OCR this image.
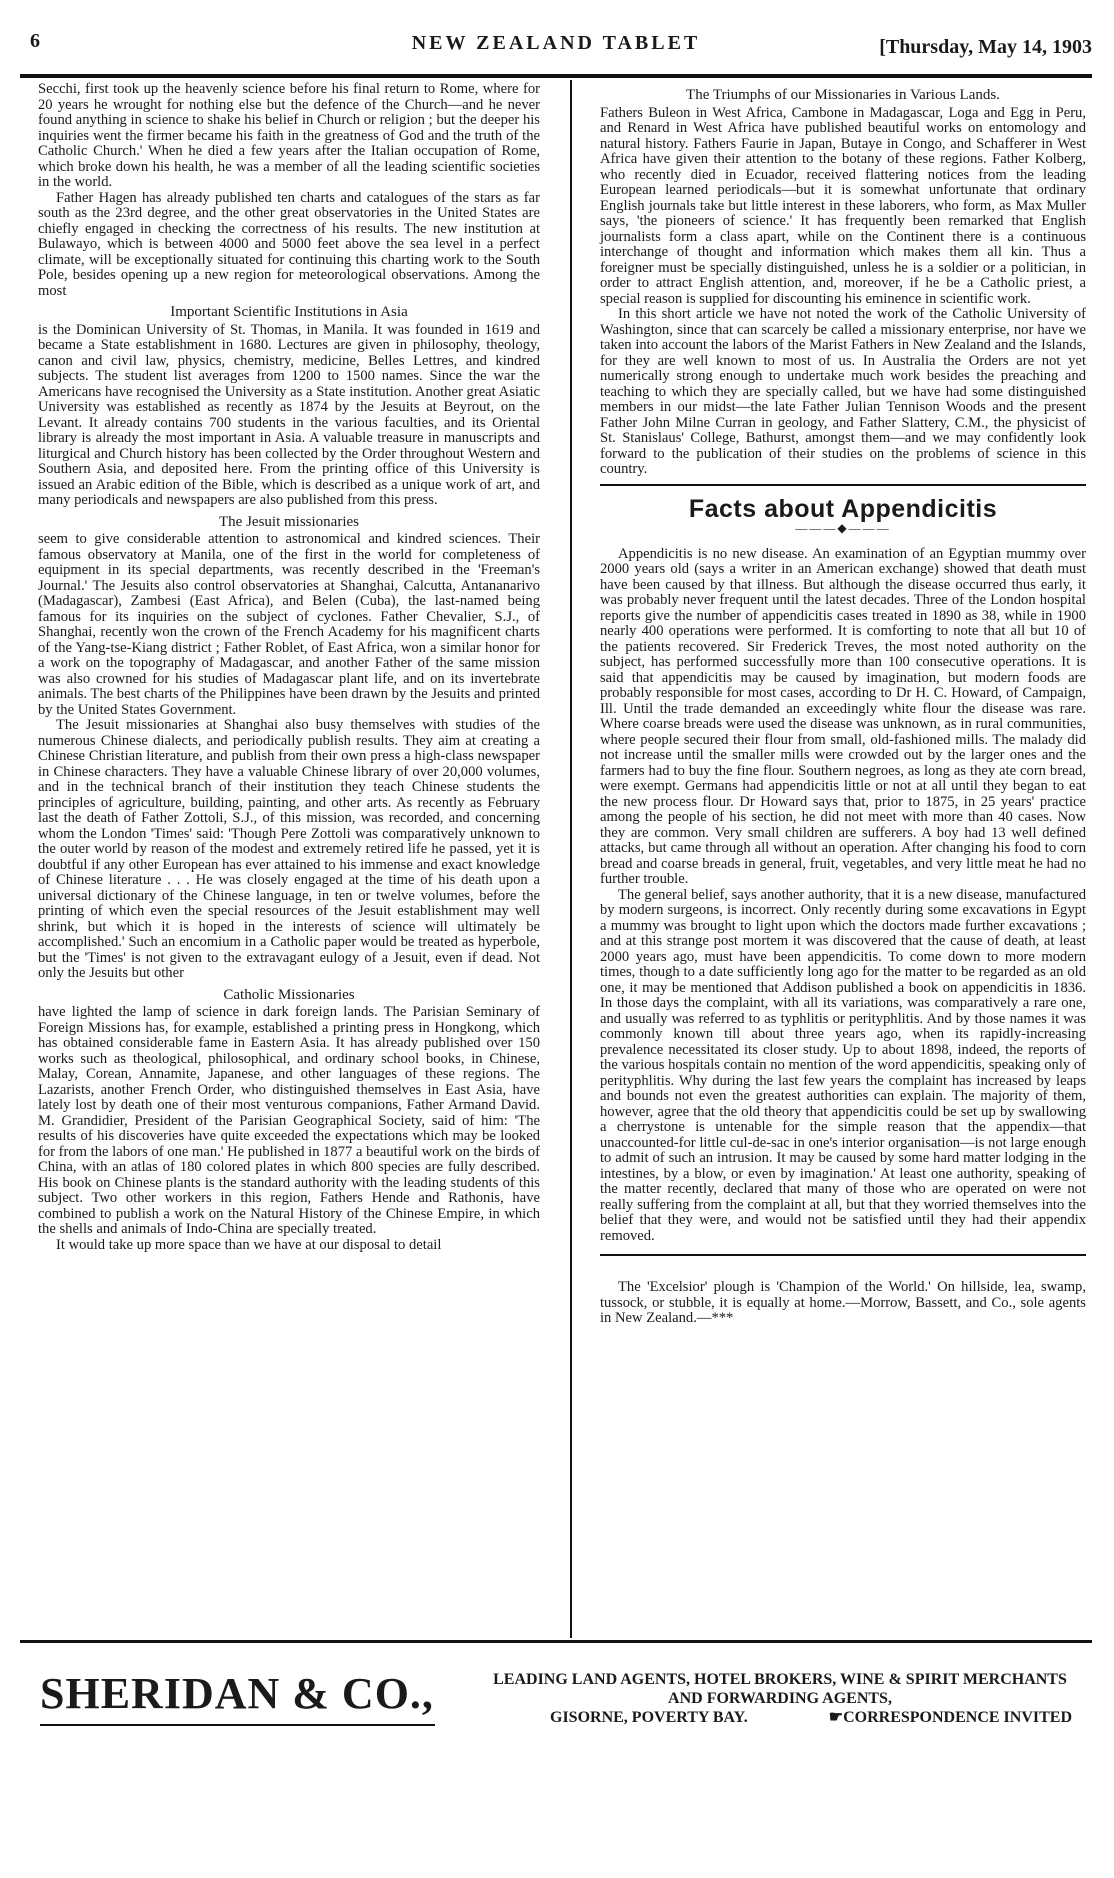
6	NEW ZEALAND TABLET	[Thursday, May 14, 1903

Secchi, first took up the heavenly science before his final return to Rome, where for 20 years he wrought for nothing else but the defence of the Church—and he never found anything in science to shake his belief in Church or religion ; but the deeper his inquiries went the firmer became his faith in the greatness of God and the truth of the Catholic Church.' When he died a few years after the Italian occupation of Rome, which broke down his health, he was a member of all the leading scientific societies in the world.

Father Hagen has already published ten charts and catalogues of the stars as far south as the 23rd degree, and the other great observatories in the United States are chiefly engaged in checking the correctness of his results. The new institution at Bulawayo, which is between 4000 and 5000 feet above the sea level in a perfect climate, will be exceptionally situated for continuing this charting work to the South Pole, besides opening up a new region for meteorological observations. Among the most

Important Scientific Institutions in Asia

is the Dominican University of St. Thomas, in Manila. It was founded in 1619 and became a State establishment in 1680. Lectures are given in philosophy, theology, canon and civil law, physics, chemistry, medicine, Belles Lettres, and kindred subjects. The student list averages from 1200 to 1500 names. Since the war the Americans have recognised the University as a State institution. Another great Asiatic University was established as recently as 1874 by the Jesuits at Beyrout, on the Levant. It already contains 700 students in the various faculties, and its Oriental library is already the most important in Asia. A valuable treasure in manuscripts and liturgical and Church history has been collected by the Order throughout Western and Southern Asia, and deposited here. From the printing office of this University is issued an Arabic edition of the Bible, which is described as a unique work of art, and many periodicals and newspapers are also published from this press.

The Jesuit missionaries

seem to give considerable attention to astronomical and kindred sciences. Their famous observatory at Manila, one of the first in the world for completeness of equipment in its special departments, was recently described in the 'Freeman's Journal.' The Jesuits also control observatories at Shanghai, Calcutta, Antananarivo (Madagascar), Zambesi (East Africa), and Belen (Cuba), the last-named being famous for its inquiries on the subject of cyclones. Father Chevalier, S.J., of Shanghai, recently won the crown of the French Academy for his magnificent charts of the Yang-tse-Kiang district ; Father Roblet, of East Africa, won a similar honor for a work on the topography of Madagascar, and another Father of the same mission was also crowned for his studies of Madagascar plant life, and on its invertebrate animals. The best charts of the Philippines have been drawn by the Jesuits and printed by the United States Government.

The Jesuit missionaries at Shanghai also busy themselves with studies of the numerous Chinese dialects, and periodically publish results. They aim at creating a Chinese Christian literature, and publish from their own press a high-class newspaper in Chinese characters. They have a valuable Chinese library of over 20,000 volumes, and in the technical branch of their institution they teach Chinese students the principles of agriculture, building, painting, and other arts. As recently as February last the death of Father Zottoli, S.J., of this mission, was recorded, and concerning whom the London 'Times' said: 'Though Pere Zottoli was comparatively unknown to the outer world by reason of the modest and extremely retired life he passed, yet it is doubtful if any other European has ever attained to his immense and exact knowledge of Chinese literature . . . He was closely engaged at the time of his death upon a universal dictionary of the Chinese language, in ten or twelve volumes, before the printing of which even the special resources of the Jesuit establishment may well shrink, but which it is hoped in the interests of science will ultimately be accomplished.' Such an encomium in a Catholic paper would be treated as hyperbole, but the 'Times' is not given to the extravagant eulogy of a Jesuit, even if dead. Not only the Jesuits but other

Catholic Missionaries

have lighted the lamp of science in dark foreign lands. The Parisian Seminary of Foreign Missions has, for example, established a printing press in Hongkong, which has obtained considerable fame in Eastern Asia. It has already published over 150 works such as theological, philosophical, and ordinary school books, in Chinese, Malay, Corean, Annamite, Japanese, and other languages of these regions. The Lazarists, another French Order, who distinguished themselves in East Asia, have lately lost by death one of their most venturous companions, Father Armand David. M. Grandidier, President of the Parisian Geographical Society, said of him: 'The results of his discoveries have quite exceeded the expectations which may be looked for from the labors of one man.' He published in 1877 a beautiful work on the birds of China, with an atlas of 180 colored plates in which 800 species are fully described. His book on Chinese plants is the standard authority with the leading students of this subject. Two other workers in this region, Fathers Hende and Rathonis, have combined to publish a work on the Natural History of the Chinese Empire, in which the shells and animals of Indo-China are specially treated.

It would take up more space than we have at our disposal to detail

The Triumphs of our Missionaries in Various Lands.

Fathers Buleon in West Africa, Cambone in Madagascar, Loga and Egg in Peru, and Renard in West Africa have published beautiful works on entomology and natural history. Fathers Faurie in Japan, Butaye in Congo, and Schafferer in West Africa have given their attention to the botany of these regions. Father Kolberg, who recently died in Ecuador, received flattering notices from the leading European learned periodicals—but it is somewhat unfortunate that ordinary English journals take but little interest in these laborers, who form, as Max Muller says, 'the pioneers of science.' It has frequently been remarked that English journalists form a class apart, while on the Continent there is a continuous interchange of thought and information which makes them all kin. Thus a foreigner must be specially distinguished, unless he is a soldier or a politician, in order to attract English attention, and, moreover, if he be a Catholic priest, a special reason is supplied for discounting his eminence in scientific work.

In this short article we have not noted the work of the Catholic University of Washington, since that can scarcely be called a missionary enterprise, nor have we taken into account the labors of the Marist Fathers in New Zealand and the Islands, for they are well known to most of us. In Australia the Orders are not yet numerically strong enough to undertake much work besides the preaching and teaching to which they are specially called, but we have had some distinguished members in our midst—the late Father Julian Tennison Woods and the present Father John Milne Curran in geology, and Father Slattery, C.M., the physicist of St. Stanislaus' College, Bathurst, amongst them—and we may confidently look forward to the publication of their studies on the problems of science in this country.

Facts about Appendicitis
———◆———

Appendicitis is no new disease. An examination of an Egyptian mummy over 2000 years old (says a writer in an American exchange) showed that death must have been caused by that illness. But although the disease occurred thus early, it was probably never frequent until the latest decades. Three of the London hospital reports give the number of appendicitis cases treated in 1890 as 38, while in 1900 nearly 400 operations were performed. It is comforting to note that all but 10 of the patients recovered. Sir Frederick Treves, the most noted authority on the subject, has performed successfully more than 100 consecutive operations. It is said that appendicitis may be caused by imagination, but modern foods are probably responsible for most cases, according to Dr H. C. Howard, of Campaign, Ill. Until the trade demanded an exceedingly white flour the disease was rare. Where coarse breads were used the disease was unknown, as in rural communities, where people secured their flour from small, old-fashioned mills. The malady did not increase until the smaller mills were crowded out by the larger ones and the farmers had to buy the fine flour. Southern negroes, as long as they ate corn bread, were exempt. Germans had appendicitis little or not at all until they began to eat the new process flour. Dr Howard says that, prior to 1875, in 25 years' practice among the people of his section, he did not meet with more than 40 cases. Now they are common. Very small children are sufferers. A boy had 13 well defined attacks, but came through all without an operation. After changing his food to corn bread and coarse breads in general, fruit, vegetables, and very little meat he had no further trouble.

The general belief, says another authority, that it is a new disease, manufactured by modern surgeons, is incorrect. Only recently during some excavations in Egypt a mummy was brought to light upon which the doctors made further excavations ; and at this strange post mortem it was discovered that the cause of death, at least 2000 years ago, must have been appendicitis. To come down to more modern times, though to a date sufficiently long ago for the matter to be regarded as an old one, it may be mentioned that Addison published a book on appendicitis in 1836. In those days the complaint, with all its variations, was comparatively a rare one, and usually was referred to as typhlitis or perityphlitis. And by those names it was commonly known till about three years ago, when its rapidly-increasing prevalence necessitated its closer study. Up to about 1898, indeed, the reports of the various hospitals contain no mention of the word appendicitis, speaking only of perityphlitis. Why during the last few years the complaint has increased by leaps and bounds not even the greatest authorities can explain. The majority of them, however, agree that the old theory that appendicitis could be set up by swallowing a cherrystone is untenable for the simple reason that the appendix—that unaccounted-for little cul-de-sac in one's interior organisation—is not large enough to admit of such an intrusion. It may be caused by some hard matter lodging in the intestines, by a blow, or even by imagination.' At least one authority, speaking of the matter recently, declared that many of those who are operated on were not really suffering from the complaint at all, but that they worried themselves into the belief that they were, and would not be satisfied until they had their appendix removed.

The 'Excelsior' plough is 'Champion of the World.' On hillside, lea, swamp, tussock, or stubble, it is equally at home.—Morrow, Bassett, and Co., sole agents in New Zealand.—***

SHERIDAN & CO.,	LEADING LAND AGENTS, HOTEL BROKERS, WINE & SPIRIT MERCHANTS
AND FORWARDING AGENTS,
GISORNE, POVERTY BAY.	☛CORRESPONDENCE INVITED
